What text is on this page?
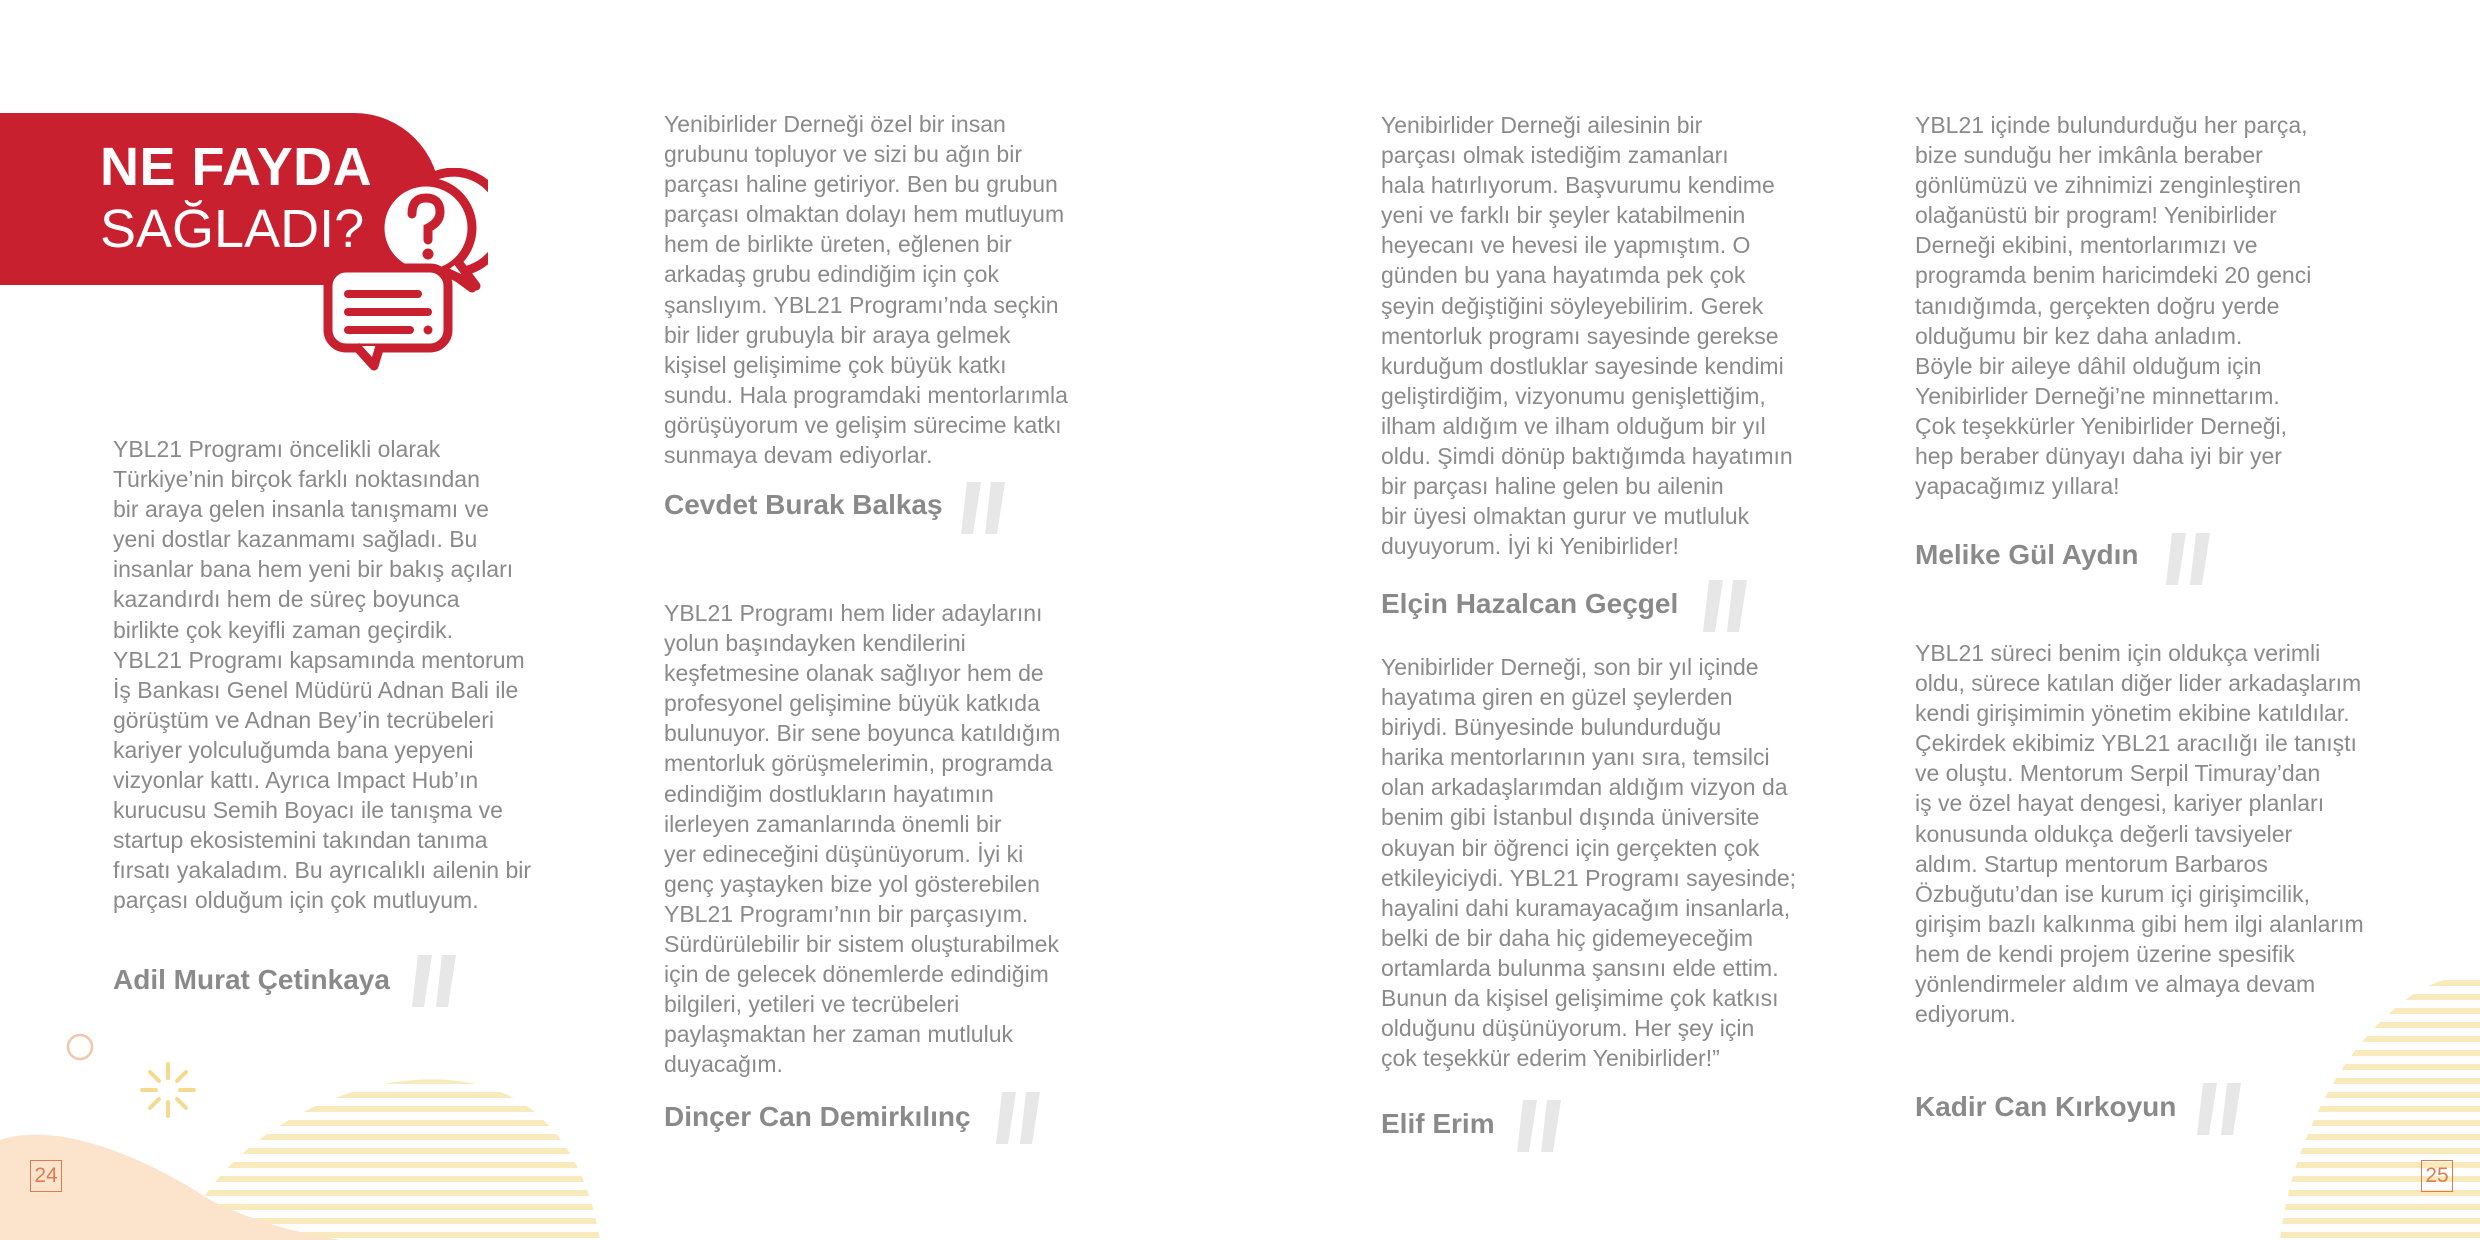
NE FAYDA
SAĞLADI?

YBL21 Programı öncelikli olarak
Türkiye’nin birçok farklı noktasından
bir araya gelen insanla tanışmamı ve
yeni dostlar kazanmamı sağladı. Bu
insanlar bana hem yeni bir bakış açıları
kazandırdı hem de süreç boyunca
birlikte çok keyifli zaman geçirdik.
YBL21 Programı kapsamında mentorum
İş Bankası Genel Müdürü Adnan Bali ile
görüştüm ve Adnan Bey’in tecrübeleri
kariyer yolculuğumda bana yepyeni
vizyonlar kattı. Ayrıca Impact Hub’ın
kurucusu Semih Boyacı ile tanışma ve
startup ekosistemini takından tanıma
fırsatı yakaladım. Bu ayrıcalıklı ailenin bir
parçası olduğum için çok mutluyum.

Adil Murat Çetinkaya

Yenibirlider Derneği özel bir insan
grubunu topluyor ve sizi bu ağın bir
parçası haline getiriyor. Ben bu grubun
parçası olmaktan dolayı hem mutluyum
hem de birlikte üreten, eğlenen bir
arkadaş grubu edindiğim için çok
şanslıyım. YBL21 Programı’nda seçkin
bir lider grubuyla bir araya gelmek
kişisel gelişimime çok büyük katkı
sundu. Hala programdaki mentorlarımla
görüşüyorum ve gelişim sürecime katkı
sunmaya devam ediyorlar.

Cevdet Burak Balkaş

YBL21 Programı hem lider adaylarını
yolun başındayken kendilerini
keşfetmesine olanak sağlıyor hem de
profesyonel gelişimine büyük katkıda
bulunuyor. Bir sene boyunca katıldığım
mentorluk görüşmelerimin, programda
edindiğim dostlukların hayatımın
ilerleyen zamanlarında önemli bir
yer edineceğini düşünüyorum. İyi ki
genç yaştayken bize yol gösterebilen
YBL21 Programı’nın bir parçasıyım.
Sürdürülebilir bir sistem oluşturabilmek
için de gelecek dönemlerde edindiğim
bilgileri, yetileri ve tecrübeleri
paylaşmaktan her zaman mutluluk
duyacağım.

Dinçer Can Demirkılınç

Yenibirlider Derneği ailesinin bir
parçası olmak istediğim zamanları
hala hatırlıyorum. Başvurumu kendime
yeni ve farklı bir şeyler katabilmenin
heyecanı ve hevesi ile yapmıştım. O
günden bu yana hayatımda pek çok
şeyin değiştiğini söyleyebilirim. Gerek
mentorluk programı sayesinde gerekse
kurduğum dostluklar sayesinde kendimi
geliştirdiğim, vizyonumu genişlettiğim,
ilham aldığım ve ilham olduğum bir yıl
oldu. Şimdi dönüp baktığımda hayatımın
bir parçası haline gelen bu ailenin
bir üyesi olmaktan gurur ve mutluluk
duyuyorum. İyi ki Yenibirlider!

Elçin Hazalcan Geçgel

Yenibirlider Derneği, son bir yıl içinde
hayatıma giren en güzel şeylerden
biriydi. Bünyesinde bulundurduğu
harika mentorlarının yanı sıra, temsilci
olan arkadaşlarımdan aldığım vizyon da
benim gibi İstanbul dışında üniversite
okuyan bir öğrenci için gerçekten çok
etkileyiciydi. YBL21 Programı sayesinde;
hayalini dahi kuramayacağım insanlarla,
belki de bir daha hiç gidemeyeceğim
ortamlarda bulunma şansını elde ettim.
Bunun da kişisel gelişimime çok katkısı
olduğunu düşünüyorum. Her şey için
çok teşekkür ederim Yenibirlider!”

Elif Erim

YBL21 içinde bulundurduğu her parça,
bize sunduğu her imkânla beraber
gönlümüzü ve zihnimizi zenginleştiren
olağanüstü bir program! Yenibirlider
Derneği ekibini, mentorlarımızı ve
programda benim haricimdeki 20 genci
tanıdığımda, gerçekten doğru yerde
olduğumu bir kez daha anladım.
Böyle bir aileye dâhil olduğum için
Yenibirlider Derneği’ne minnettarım.
Çok teşekkürler Yenibirlider Derneği,
hep beraber dünyayı daha iyi bir yer
yapacağımız yıllara!

Melike Gül Aydın

YBL21 süreci benim için oldukça verimli
oldu, sürece katılan diğer lider arkadaşlarım
kendi girişimimin yönetim ekibine katıldılar.
Çekirdek ekibimiz YBL21 aracılığı ile tanıştı
ve oluştu. Mentorum Serpil Timuray’dan
iş ve özel hayat dengesi, kariyer planları
konusunda oldukça değerli tavsiyeler
aldım. Startup mentorum Barbaros
Özbuğutu’dan ise kurum içi girişimcilik,
girişim bazlı kalkınma gibi hem ilgi alanlarım
hem de kendi projem üzerine spesifik
yönlendirmeler aldım ve almaya devam
ediyorum.

Kadir Can Kırkoyun

24	25
